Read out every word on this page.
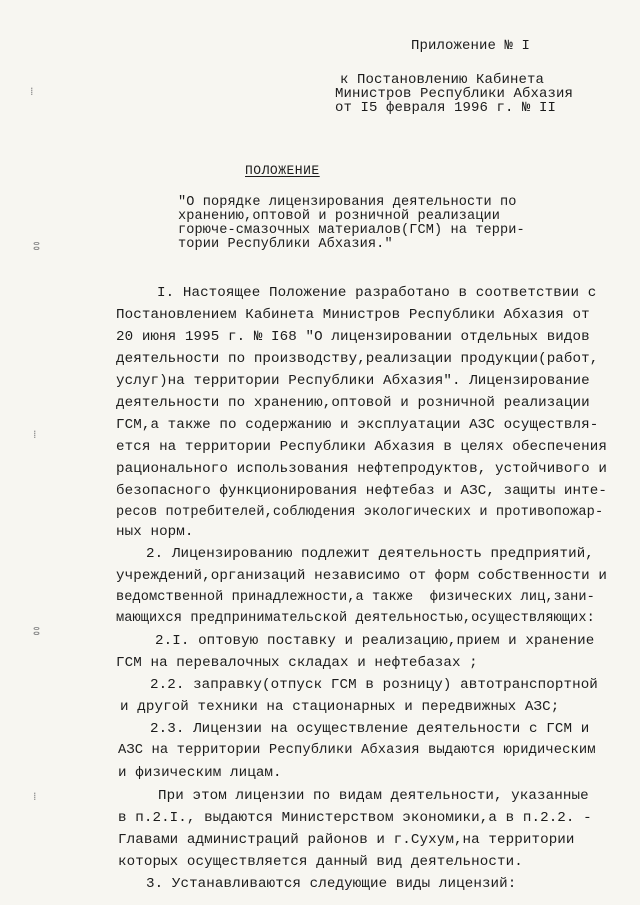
⁞
ⵓ
⁞
ⵓ
⁞
Приложение № I
к Постановлению Кабинета
Министров Республики Абхазия
от I5 февраля 1996 г. № II
ПОЛОЖЕНИЕ
"О порядке лицензирования деятельности по
хранению,оптовой и розничной реализации
горюче-смазочных материалов(ГСМ) на терри-
тории Республики Абхазия."
I. Настоящее Положение разработано в соответствии с
Постановлением Кабинета Министров Республики Абхазия от
20 июня 1995 г. № I68 "О лицензировании отдельных видов
деятельности по производству,реализации продукции(работ,
услуг)на территории Республики Абхазия". Лицензирование
деятельности по хранению,оптовой и розничной реализации
ГСМ,а также по содержанию и эксплуатации АЗС осуществля-
ется на территории Республики Абхазия в целях обеспечения
рационального использования нефтепродуктов, устойчивого и
безопасного функционирования нефтебаз и АЗС, защиты инте-
ресов потребителей,соблюдения экологических и противопожар-
ных норм.
2. Лицензированию подлежит деятельность предприятий,
учреждений,организаций независимо от форм собственности и
ведомственной принадлежности,а также  физических лиц,зани-
мающихся предпринимательской деятельностью,осуществляющих:
2.I. оптовую поставку и реализацию,прием и хранение
ГСМ на перевалочных складах и нефтебазах ;
2.2. заправку(отпуск ГСМ в розницу) автотранспортной
и другой техники на стационарных и передвижных АЗС;
2.3. Лицензии на осуществление деятельности с ГСМ и
АЗС на территории Республики Абхазия выдаются юридическим
и физическим лицам.
При этом лицензии по видам деятельности, указанные
в п.2.I., выдаются Министерством экономики,а в п.2.2. -
Главами администраций районов и г.Сухум,на территории
которых осуществляется данный вид деятельности.
3. Устанавливаются следующие виды лицензий:
